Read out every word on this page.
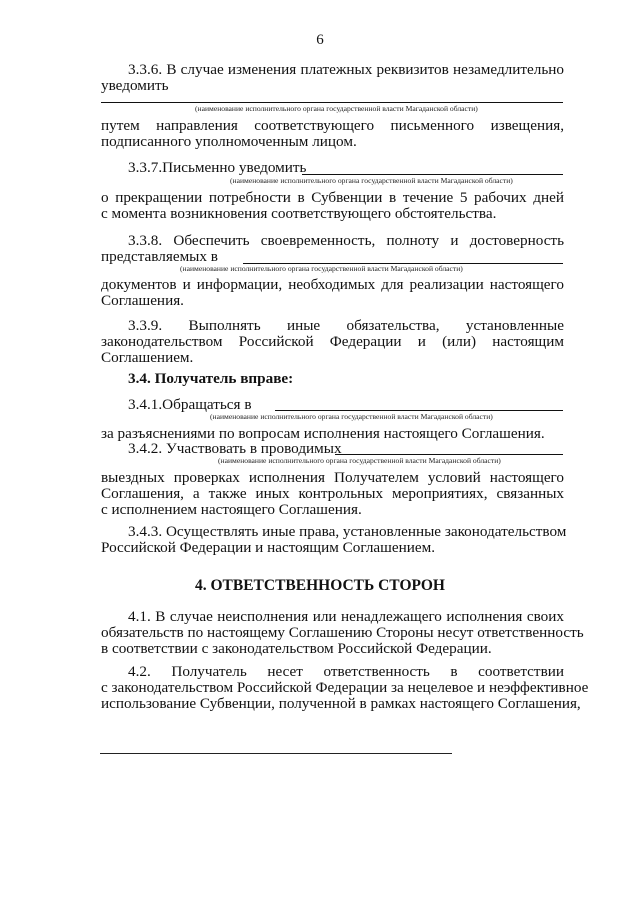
6
3.3.6. В случае изменения платежных реквизитов незамедлительно
уведомить
(наименование исполнительного органа государственной власти Магаданской области)
путем направления соответствующего письменного извещения,
подписанного уполномоченным лицом.
3.3.7.Письменно уведомить
(наименование исполнительного органа государственной власти Магаданской области)
о прекращении потребности в Субвенции в течение 5 рабочих дней
с момента возникновения соответствующего обстоятельства.
3.3.8. Обеспечить своевременность, полноту и достоверность
представляемых в
(наименование исполнительного органа государственной власти Магаданской области)
документов и информации, необходимых для реализации настоящего
Соглашения.
3.3.9. Выполнять иные обязательства, установленные
законодательством Российской Федерации и (или) настоящим
Соглашением.
3.4. Получатель вправе:
3.4.1.Обращаться в
(наименование исполнительного органа государственной власти Магаданской области)
за разъяснениями по вопросам исполнения настоящего Соглашения.
3.4.2. Участвовать в проводимых
(наименование исполнительного органа государственной власти Магаданской области)
выездных проверках исполнения Получателем условий настоящего
Соглашения, а также иных контрольных мероприятиях, связанных
с исполнением настоящего Соглашения.
3.4.3. Осуществлять иные права, установленные законодательством
Российской Федерации и настоящим Соглашением.
4. ОТВЕТСТВЕННОСТЬ СТОРОН
4.1. В случае неисполнения или ненадлежащего исполнения своих
обязательств по настоящему Соглашению Стороны несут ответственность
в соответствии с законодательством Российской Федерации.
4.2. Получатель несет ответственность в соответствии
с законодательством Российской Федерации за нецелевое и неэффективное
использование Субвенции, полученной в рамках настоящего Соглашения,
